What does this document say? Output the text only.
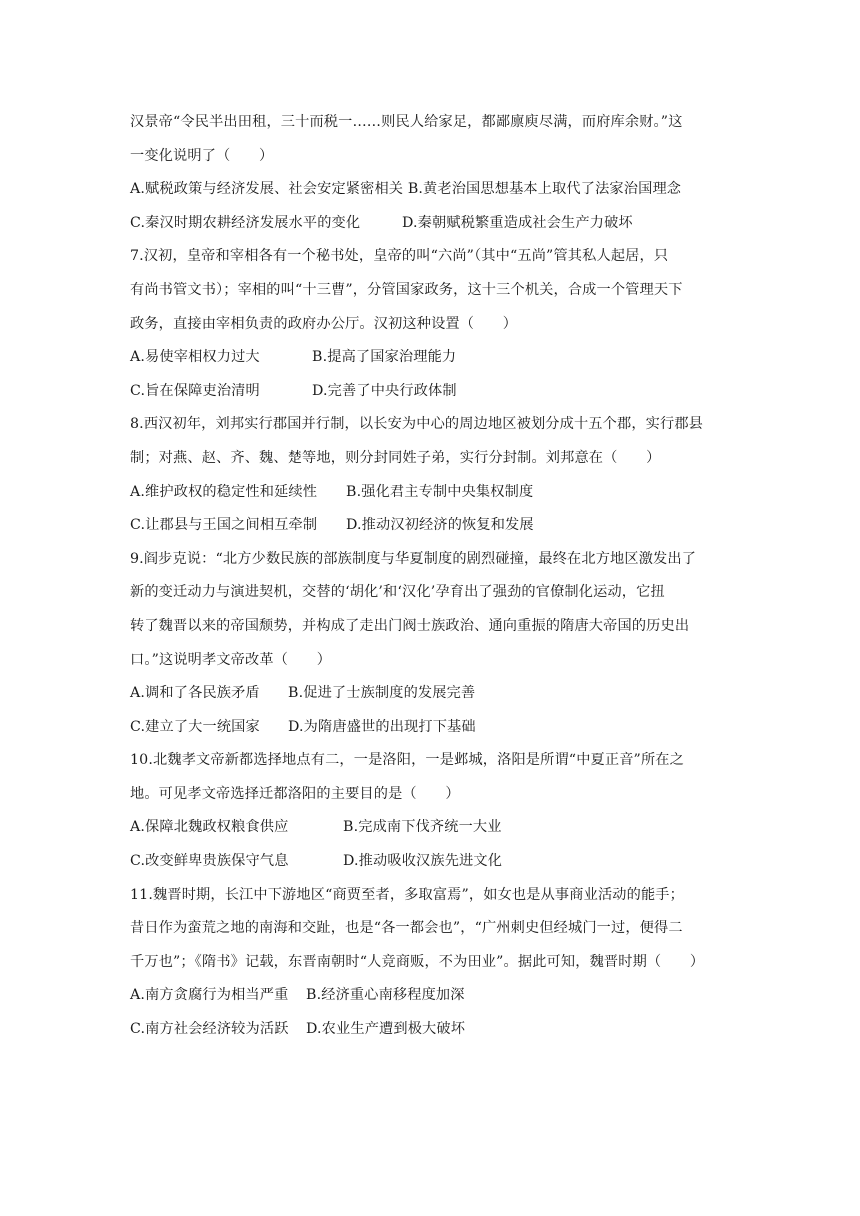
汉景帝“令民半出田租，三十而税一……则民人给家足，都鄙廪庾尽满，而府库余财。”这
一变化说明了（　　）
A.赋税政策与经济发展、社会安定紧密相关 B.黄老治国思想基本上取代了法家治国理念
C.秦汉时期农耕经济发展水平的变化	D.秦朝赋税繁重造成社会生产力破坏
7.汉初，皇帝和宰相各有一个秘书处，皇帝的叫“六尚”（其中“五尚”管其私人起居，只
有尚书管文书）；宰相的叫“十三曹”，分管国家政务，这十三个机关，合成一个管理天下
政务，直接由宰相负责的政府办公厅。汉初这种设置（　　）
A.易使宰相权力过大	B.提高了国家治理能力
C.旨在保障吏治清明	D.完善了中央行政体制
8.西汉初年，刘邦实行郡国并行制，以长安为中心的周边地区被划分成十五个郡，实行郡县
制；对燕、赵、齐、魏、楚等地，则分封同姓子弟，实行分封制。刘邦意在（　　）
A.维护政权的稳定性和延续性 B.强化君主专制中央集权制度
C.让郡县与王国之间相互牵制 D.推动汉初经济的恢复和发展
9.阎步克说：“北方少数民族的部族制度与华夏制度的剧烈碰撞，最终在北方地区激发出了
新的变迁动力与演进契机，交替的‘胡化’和‘汉化’孕育出了强劲的官僚制化运动，它扭
转了魏晋以来的帝国颓势，并构成了走出门阀士族政治、通向重振的隋唐大帝国的历史出
口。”这说明孝文帝改革（　　）
A.调和了各民族矛盾 B.促进了士族制度的发展完善
C.建立了大一统国家 D.为隋唐盛世的出现打下基础
10.北魏孝文帝新都选择地点有二，一是洛阳，一是邺城，洛阳是所谓“中夏正音”所在之
地。可见孝文帝选择迁都洛阳的主要目的是（　　）
A.保障北魏政权粮食供应	B.完成南下伐齐统一大业
C.改变鲜卑贵族保守气息	D.推动吸收汉族先进文化
11.魏晋时期，长江中下游地区“商贾至者，多取富焉”，如女也是从事商业活动的能手；
昔日作为蛮荒之地的南海和交趾，也是“各一都会也”，“广州刺史但经城门一过，便得二
千万也”；《隋书》记载，东晋南朝时“人竞商贩，不为田业”。据此可知，魏晋时期（　　）
A.南方贪腐行为相当严重 B.经济重心南移程度加深
C.南方社会经济较为活跃 D.农业生产遭到极大破坏
